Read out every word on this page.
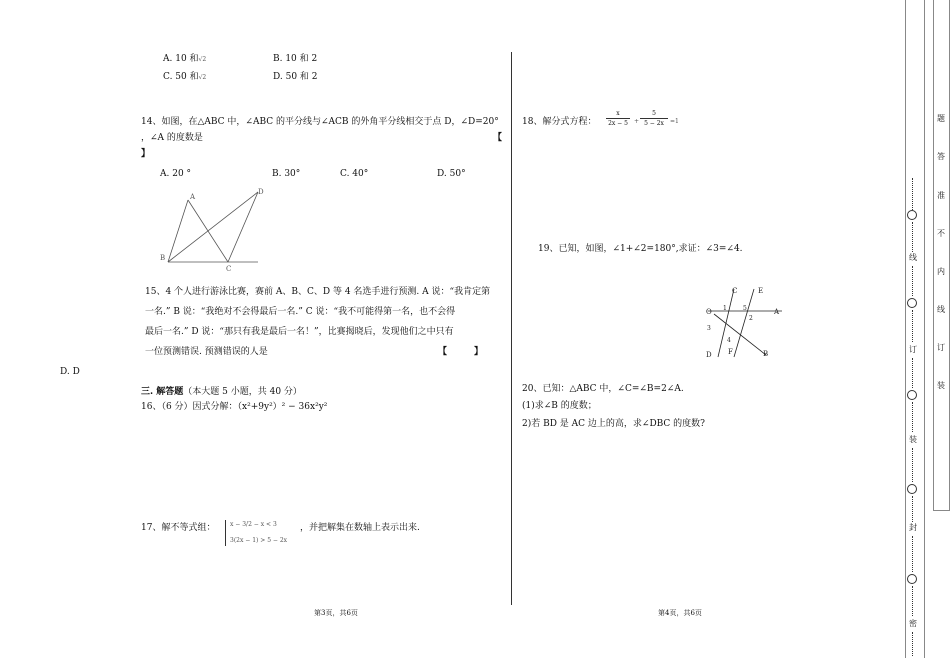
A. 10 和√2	B. 10 和 2
C. 50 和√2	D. 50 和 2
14、如图，在△ABC 中，∠ABC 的平分线与∠ACB 的外角平分线相交于点 D，∠D=20°
，∠A 的度数是	【
】
A. 20 °	B. 30°	C. 40°	D. 50°
A
B
C
D
15、4 个人进行游泳比赛，赛前 A、B、C、D 等 4 名选手进行预测. A 说：“我肯定第
一名.” B 说：“我绝对不会得最后一名.” C 说：“我不可能得第一名，也不会得
最后一名.” D 说：“那只有我是最后一名！”，比赛揭晓后，发现他们之中只有
一位预测错误. 预测错误的人是	【　　　】
D. D
三. 解答题（本大题 5 小题，共 40 分）
16、（6 分）因式分解：（x²+9y²）² − 36x²y²
17、解不等式组： x − 3/2 − x < 3
3(2x − 1) > 5 − 2x
，并把解集在数轴上表示出来.
第3页，共6页
18、解分式方程： $\frac{x}{2x - 5} + \frac{5}{5 - 2x} =1$
19、已知，如图，∠1+∠2=180°,求证：∠3=∠4.
O	A
C	E
D F	B
1	5
2
3
4
20、已知：△ABC 中，∠C=∠B=2∠A.
(1)求∠B 的度数；
2)若 BD 是 AC 边上的高，求∠DBC 的度数?
第4页，共6页
线
订
装
封
密
题
答
准
不
内
线
订
装
